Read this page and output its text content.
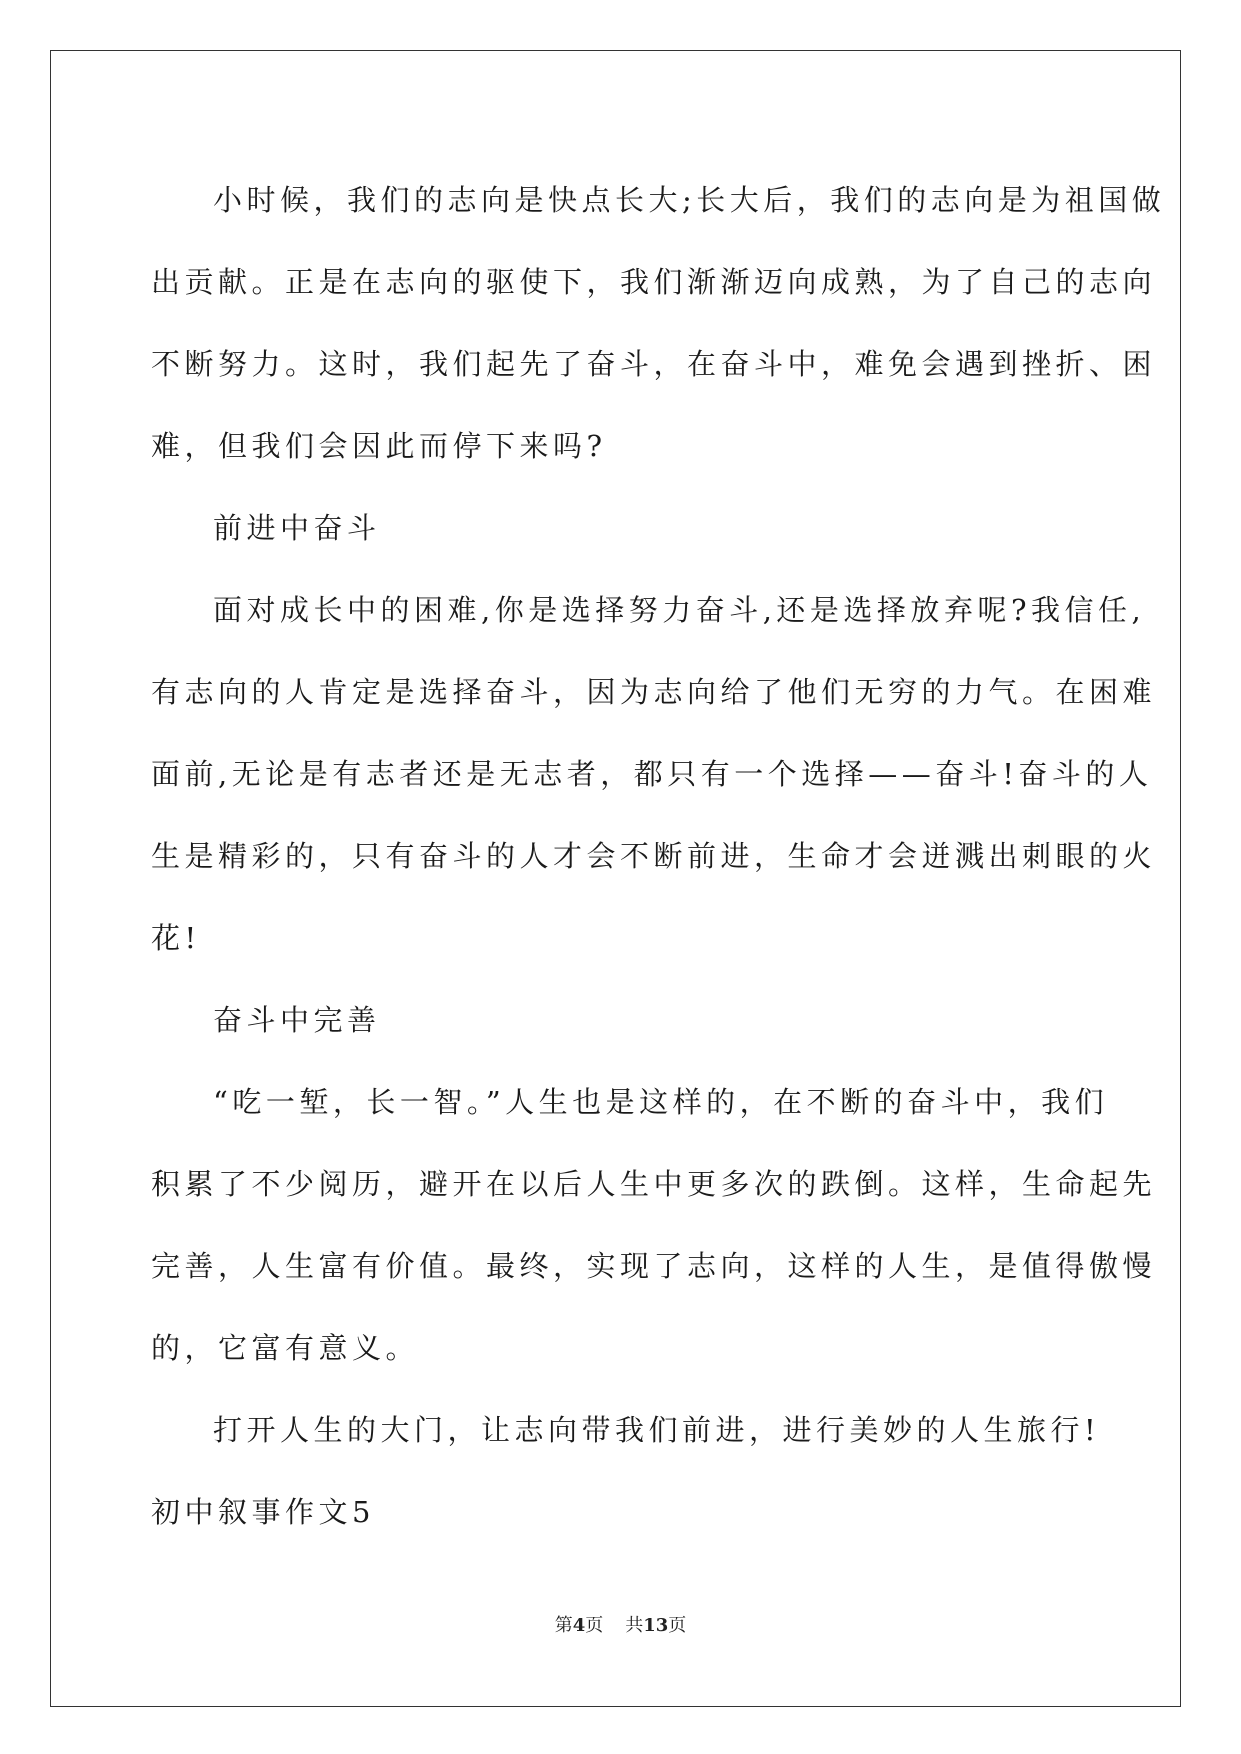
小时候，我们的志向是快点长大;长大后，我们的志向是为祖国做
出贡献。正是在志向的驱使下，我们渐渐迈向成熟，为了自己的志向
不断努力。这时，我们起先了奋斗，在奋斗中，难免会遇到挫折、困
难，但我们会因此而停下来吗?
前进中奋斗
面对成长中的困难,你是选择努力奋斗,还是选择放弃呢?我信任,
有志向的人肯定是选择奋斗，因为志向给了他们无穷的力气。在困难
面前,无论是有志者还是无志者，都只有一个选择——奋斗!奋斗的人
生是精彩的，只有奋斗的人才会不断前进，生命才会迸溅出刺眼的火
花!
奋斗中完善
“吃一堑，长一智。”人生也是这样的，在不断的奋斗中，我们
积累了不少阅历，避开在以后人生中更多次的跌倒。这样，生命起先
完善，人生富有价值。最终，实现了志向，这样的人生，是值得傲慢
的，它富有意义。
打开人生的大门，让志向带我们前进，进行美妙的人生旅行!
初中叙事作文5
第4页 共13页
